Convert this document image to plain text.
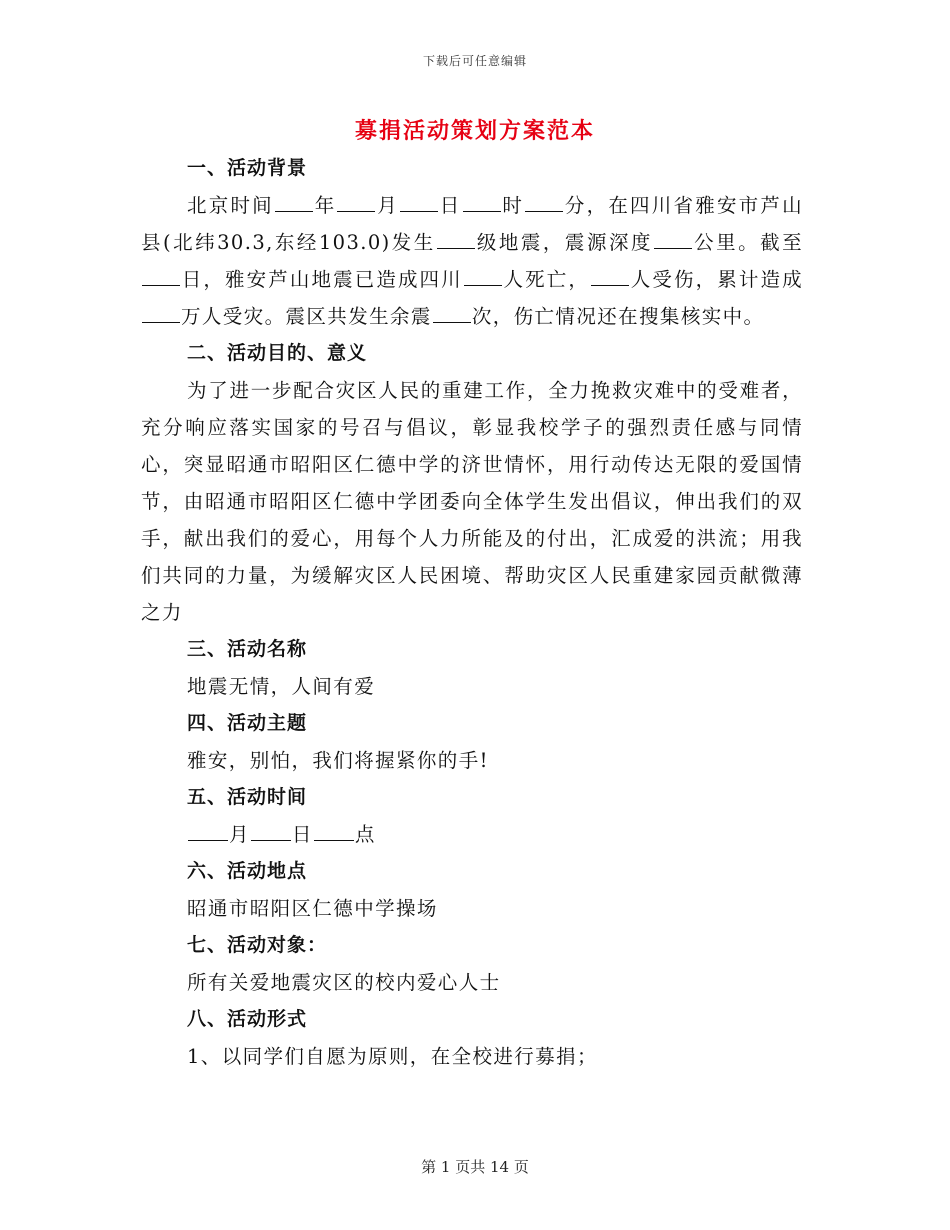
下载后可任意编辑
募捐活动策划方案范本
一、活动背景

北京时间 年 月 日 时 分，在四川省雅安市芦山县(北纬30.3,东经103.0)发生 级地震，震源深度 公里。截至日，雅安芦山地震已造成四川 人死亡， 人受伤，累计造成万人受灾。震区共发生余震 次，伤亡情况还在搜集核实中。

二、活动目的、意义

为了进一步配合灾区人民的重建工作，全力挽救灾难中的受难者，充分响应落实国家的号召与倡议，彰显我校学子的强烈责任感与同情心，突显昭通市昭阳区仁德中学的济世情怀，用行动传达无限的爱国情节，由昭通市昭阳区仁德中学团委向全体学生发出倡议，伸出我们的双手，献出我们的爱心，用每个人力所能及的付出，汇成爱的洪流；用我们共同的力量，为缓解灾区人民困境、帮助灾区人民重建家园贡献微薄之力

三、活动名称
地震无情，人间有爱
四、活动主题
雅安，别怕，我们将握紧你的手!
五、活动时间
月 日 点
六、活动地点
昭通市昭阳区仁德中学操场
七、活动对象：
所有关爱地震灾区的校内爱心人士
八、活动形式
1、以同学们自愿为原则，在全校进行募捐；
第 1 页共 14 页
